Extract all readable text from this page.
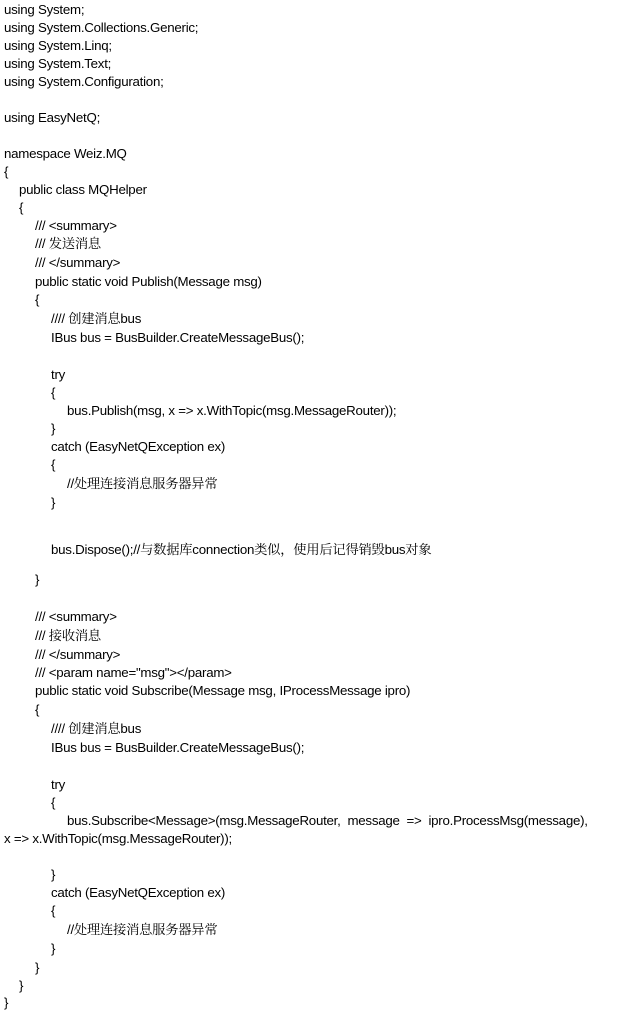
using System;
using System.Collections.Generic;
using System.Linq;
using System.Text;
using System.Configuration;
using EasyNetQ;
namespace Weiz.MQ
{
public class MQHelper
{
/// <summary>
/// 发送消息
/// </summary>
public static void Publish(Message msg)
{
//// 创建消息bus
IBus bus = BusBuilder.CreateMessageBus();
try
{
bus.Publish(msg, x => x.WithTopic(msg.MessageRouter));
}
catch (EasyNetQException ex)
{
//处理连接消息服务器异常
}
bus.Dispose();//与数据库connection类似，使用后记得销毁bus对象
}
/// <summary>
/// 接收消息
/// </summary>
/// <param name="msg"></param>
public static void Subscribe(Message msg, IProcessMessage ipro)
{
//// 创建消息bus
IBus bus = BusBuilder.CreateMessageBus();
try
{
bus.Subscribe<Message>(msg.MessageRouter,  message  =>  ipro.ProcessMsg(message),
x => x.WithTopic(msg.MessageRouter));
}
catch (EasyNetQException ex)
{
//处理连接消息服务器异常
}
}
}
}
